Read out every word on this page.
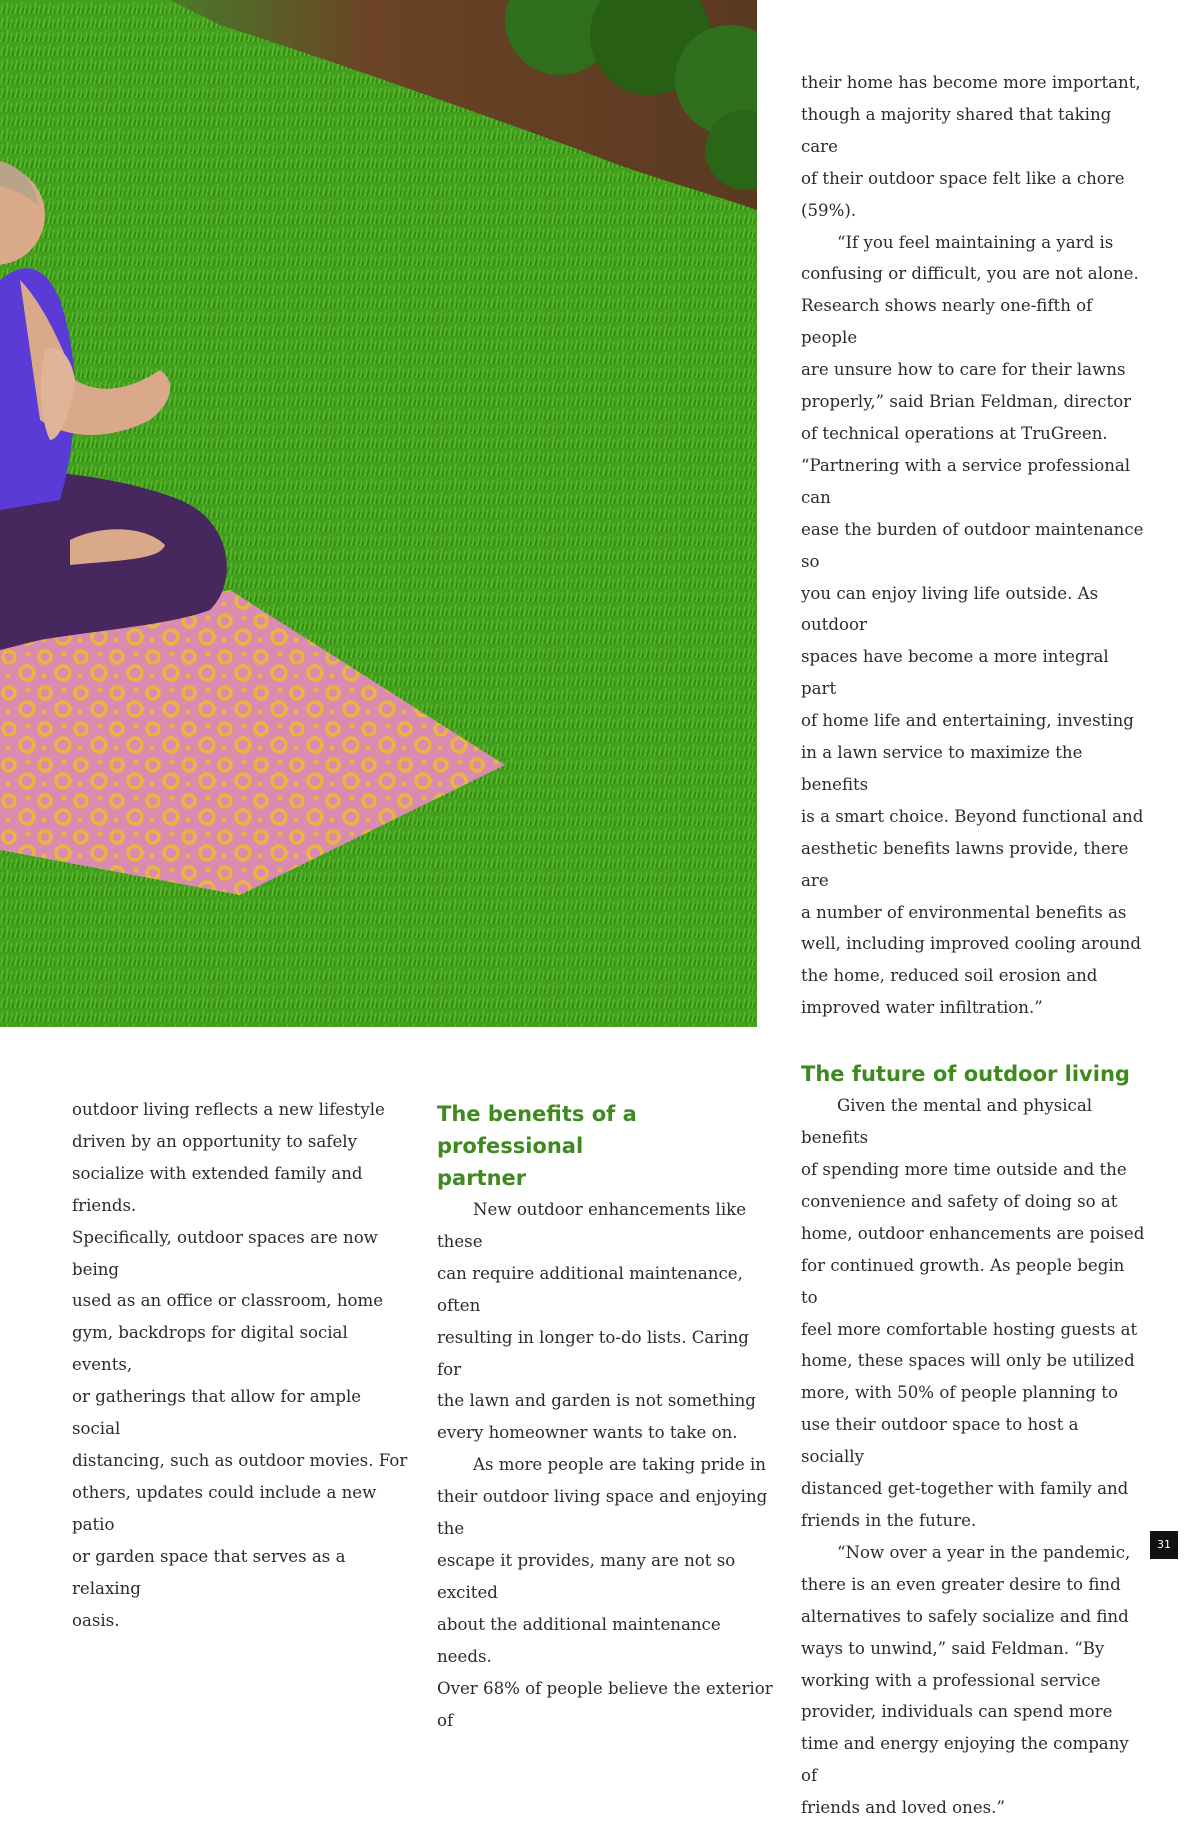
outdoor living reflects a new lifestyle
driven by an opportunity to safely
socialize with extended family and friends.
Specifically, outdoor spaces are now being
used as an office or classroom, home
gym, backdrops for digital social events,
or gatherings that allow for ample social
distancing, such as outdoor movies. For
others, updates could include a new patio
or garden space that serves as a relaxing
oasis.

The benefits of a professional
partner

New outdoor enhancements like these
can require additional maintenance, often
resulting in longer to-do lists. Caring for
the lawn and garden is not something
every homeowner wants to take on.

As more people are taking pride in
their outdoor living space and enjoying the
escape it provides, many are not so excited
about the additional maintenance needs.
Over 68% of people believe the exterior of

their home has become more important,
though a majority shared that taking care
of their outdoor space felt like a chore
(59%).

“If you feel maintaining a yard is
confusing or difficult, you are not alone.
Research shows nearly one-fifth of people
are unsure how to care for their lawns
properly,” said Brian Feldman, director
of technical operations at TruGreen.
“Partnering with a service professional can
ease the burden of outdoor maintenance so
you can enjoy living life outside. As outdoor
spaces have become a more integral part
of home life and entertaining, investing
in a lawn service to maximize the benefits
is a smart choice. Beyond functional and
aesthetic benefits lawns provide, there are
a number of environmental benefits as
well, including improved cooling around
the home, reduced soil erosion and
improved water infiltration.”

The future of outdoor living

Given the mental and physical benefits
of spending more time outside and the
convenience and safety of doing so at
home, outdoor enhancements are poised
for continued growth. As people begin to
feel more comfortable hosting guests at
home, these spaces will only be utilized
more, with 50% of people planning to
use their outdoor space to host a socially
distanced get-together with family and
friends in the future.

“Now over a year in the pandemic,
there is an even greater desire to find
alternatives to safely socialize and find
ways to unwind,” said Feldman. “By
working with a professional service
provider, individuals can spend more
time and energy enjoying the company of
friends and loved ones.”

31
